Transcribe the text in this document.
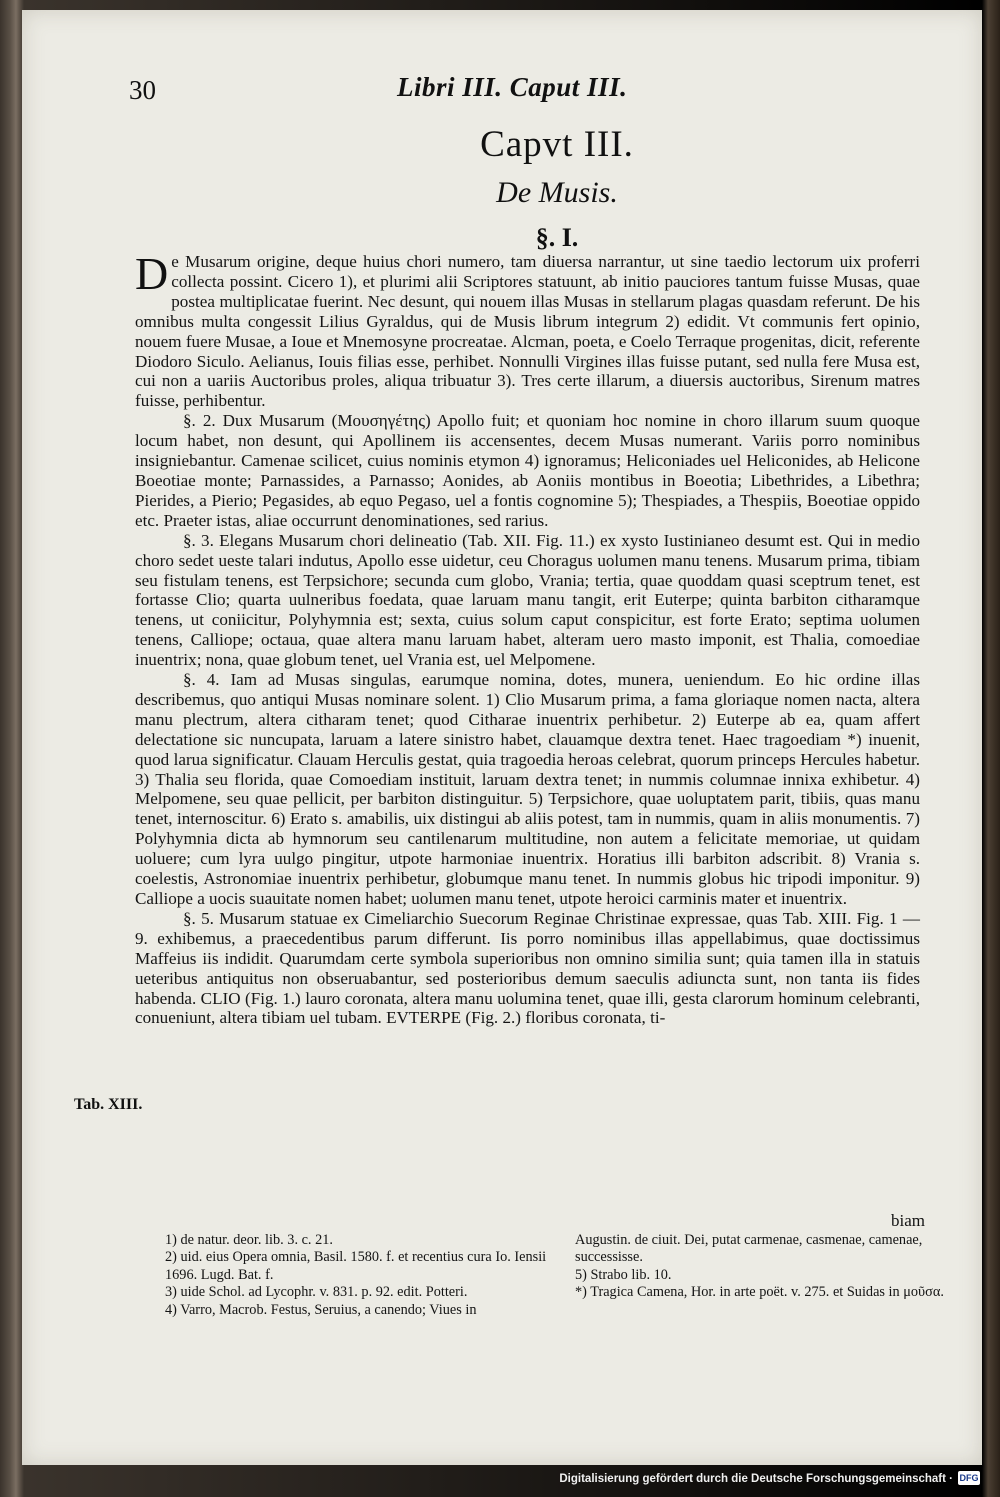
30	Libri III. Caput III.
Capvt III.
De Musis.
§. I.
Tab. XIII.

De Musarum origine, deque huius chori numero, tam diuersa narrantur, ut sine taedio lectorum uix proferri collecta possint. Cicero 1), et plurimi alii Scriptores statuunt, ab initio pauciores tantum fuisse Musas, quae postea multiplicatae fuerint. Nec desunt, qui nouem illas Musas in stellarum plagas quasdam referunt. De his omnibus multa congessit Lilius Gyraldus, qui de Musis librum integrum 2) edidit. Vt communis fert opinio, nouem fuere Musae, a Ioue et Mnemosyne procreatae. Alcman, poeta, e Coelo Terraque progenitas, dicit, referente Diodoro Siculo. Aelianus, Iouis filias esse, perhibet. Nonnulli Virgines illas fuisse putant, sed nulla fere Musa est, cui non a uariis Auctoribus proles, aliqua tribuatur 3). Tres certe illarum, a diuersis auctoribus, Sirenum matres fuisse, perhibentur.

§. 2. Dux Musarum (Μουσηγέτης) Apollo fuit; et quoniam hoc nomine in choro illarum suum quoque locum habet, non desunt, qui Apollinem iis accensentes, decem Musas numerant. Variis porro nominibus insigniebantur. Camenae scilicet, cuius nominis etymon 4) ignoramus; Heliconiades uel Heliconides, ab Helicone Boeotiae monte; Parnassides, a Parnasso; Aonides, ab Aoniis montibus in Boeotia; Libethrides, a Libethra; Pierides, a Pierio; Pegasides, ab equo Pegaso, uel a fontis cognomine 5); Thespiades, a Thespiis, Boeotiae oppido etc. Praeter istas, aliae occurrunt denominationes, sed rarius.

§. 3. Elegans Musarum chori delineatio (Tab. XII. Fig. 11.) ex xysto Iustinianeo desumt est. Qui in medio choro sedet ueste talari indutus, Apollo esse uidetur, ceu Choragus uolumen manu tenens. Musarum prima, tibiam seu fistulam tenens, est Terpsichore; secunda cum globo, Vrania; tertia, quae quoddam quasi sceptrum tenet, est fortasse Clio; quarta uulneribus foedata, quae laruam manu tangit, erit Euterpe; quinta barbiton citharamque tenens, ut coniicitur, Polyhymnia est; sexta, cuius solum caput conspicitur, est forte Erato; septima uolumen tenens, Calliope; octaua, quae altera manu laruam habet, alteram uero masto imponit, est Thalia, comoediae inuentrix; nona, quae globum tenet, uel Vrania est, uel Melpomene.

§. 4. Iam ad Musas singulas, earumque nomina, dotes, munera, ueniendum. Eo hic ordine illas describemus, quo antiqui Musas nominare solent. 1) Clio Musarum prima, a fama gloriaque nomen nacta, altera manu plectrum, altera citharam tenet; quod Citharae inuentrix perhibetur. 2) Euterpe ab ea, quam affert delectatione sic nuncupata, laruam a latere sinistro habet, clauamque dextra tenet. Haec tragoediam *) inuenit, quod larua significatur. Clauam Herculis gestat, quia tragoedia heroas celebrat, quorum princeps Hercules habetur. 3) Thalia seu florida, quae Comoediam instituit, laruam dextra tenet; in nummis columnae innixa exhibetur. 4) Melpomene, seu quae pellicit, per barbiton distinguitur. 5) Terpsichore, quae uoluptatem parit, tibiis, quas manu tenet, internoscitur. 6) Erato s. amabilis, uix distingui ab aliis potest, tam in nummis, quam in aliis monumentis. 7) Polyhymnia dicta ab hymnorum seu cantilenarum multitudine, non autem a felicitate memoriae, ut quidam uoluere; cum lyra uulgo pingitur, utpote harmoniae inuentrix. Horatius illi barbiton adscribit. 8) Vrania s. coelestis, Astronomiae inuentrix perhibetur, globumque manu tenet. In nummis globus hic tripodi imponitur. 9) Calliope a uocis suauitate nomen habet; uolumen manu tenet, utpote heroici carminis mater et inuentrix.

§. 5. Musarum statuae ex Cimeliarchio Suecorum Reginae Christinae expressae, quas Tab. XIII. Fig. 1 — 9. exhibemus, a praecedentibus parum differunt. Iis porro nominibus illas appellabimus, quae doctissimus Maffeius iis indidit. Quarumdam certe symbola superioribus non omnino similia sunt; quia tamen illa in statuis ueteribus antiquitus non obseruabantur, sed posterioribus demum saeculis adiuncta sunt, non tanta iis fides habenda. CLIO (Fig. 1.) lauro coronata, altera manu uolumina tenet, quae illi, gesta clarorum hominum celebranti, conueniunt, altera tibiam uel tubam. EVTERPE (Fig. 2.) floribus coronata, ti-

biam
1) de natur. deor. lib. 3. c. 21.
2) uid. eius Opera omnia, Basil. 1580. f. et recentius cura Io. Iensii 1696. Lugd. Bat. f.
3) uide Schol. ad Lycophr. v. 831. p. 92. edit. Potteri.
4) Varro, Macrob. Festus, Seruius, a canendo; Viues in
Augustin. de ciuit. Dei, putat carmenae, casmenae, camenae, successisse.
5) Strabo lib. 10.
*) Tragica Camena, Hor. in arte poët. v. 275. et Suidas in μοῦσα.
Digitalisierung gefördert durch die Deutsche Forschungsgemeinschaft · DFG
